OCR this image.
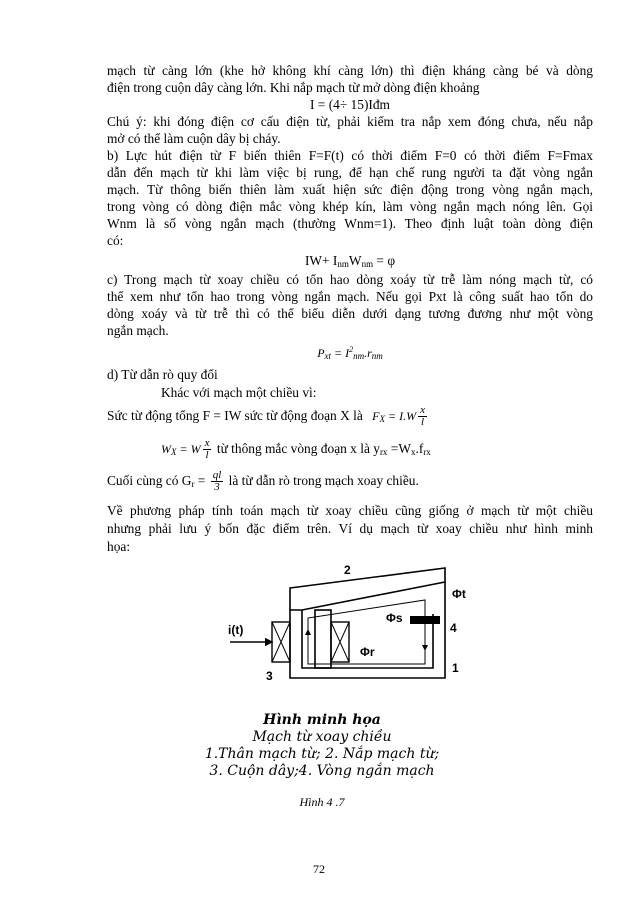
mạch từ càng lớn (khe hở không khí càng lớn) thì điện kháng càng bé và dòng
điện trong cuộn dây càng lớn. Khi nắp mạch từ mở dòng điện khoảng
I = (4÷ 15)Iđm
Chú ý: khi đóng điện cơ cấu điện từ, phải kiểm tra nắp xem đóng chưa, nếu nắp
mở có thể làm cuộn dây bị cháy.
b) Lực hút điện từ F biến thiên F=F(t) có thời điểm F=0 có thời điểm F=Fmax
dẫn đến mạch từ khi làm việc bị rung, để hạn chế rung người ta đặt vòng ngắn
mạch. Từ thông biến thiên làm xuất hiện sức điện động trong vòng ngắn mạch,
trong vòng có dòng điện mắc vòng khép kín, làm vòng ngắn mạch nóng lên. Gọi
Wnm là số vòng ngắn mạch (thường Wnm=1). Theo định luật toàn dòng điện
có:
$IW+ I_{nm}W_{nm} = \varphi$
c) Trong mạch từ xoay chiều có tổn hao dòng xoáy từ trễ làm nóng mạch từ, có
thể xem như tổn hao trong vòng ngắn mạch. Nếu gọi Pxt là công suất hao tổn do
dòng xoáy và từ trễ thì có thể biểu diễn dưới dạng tương đương như một vòng
ngắn mạch.
$P_{xt} = I^2_{nm}.r_{nm}$
d) Từ dẫn rò quy đổi
Khác với mạch một chiều vì:
Sức từ động tổng F = IW sức từ động đoạn X là $F_X = I.W \frac{x}{l}$
$W_X = W \frac{x}{l}$ từ thông mắc vòng đoạn x là $y_{rx} =W_x.f_{rx}$
Cuối cùng có $G_r = \frac{ql}{3}$ là từ dẫn rò trong mạch xoay chiều.
Về phương pháp tính toán mạch từ xoay chiều cũng giống ở mạch từ một chiều
nhưng phải lưu ý bốn đặc điểm trên. Ví dụ mạch từ xoay chiều như hình minh
họa:
i(t)
2
Φt
Φs
4
Φr
1
3
Hình minh họa
Mạch từ xoay chiều
1.Thân mạch từ; 2. Nắp mạch từ;
3. Cuộn dây;4. Vòng ngắn mạch
Hình 4 .7
72
